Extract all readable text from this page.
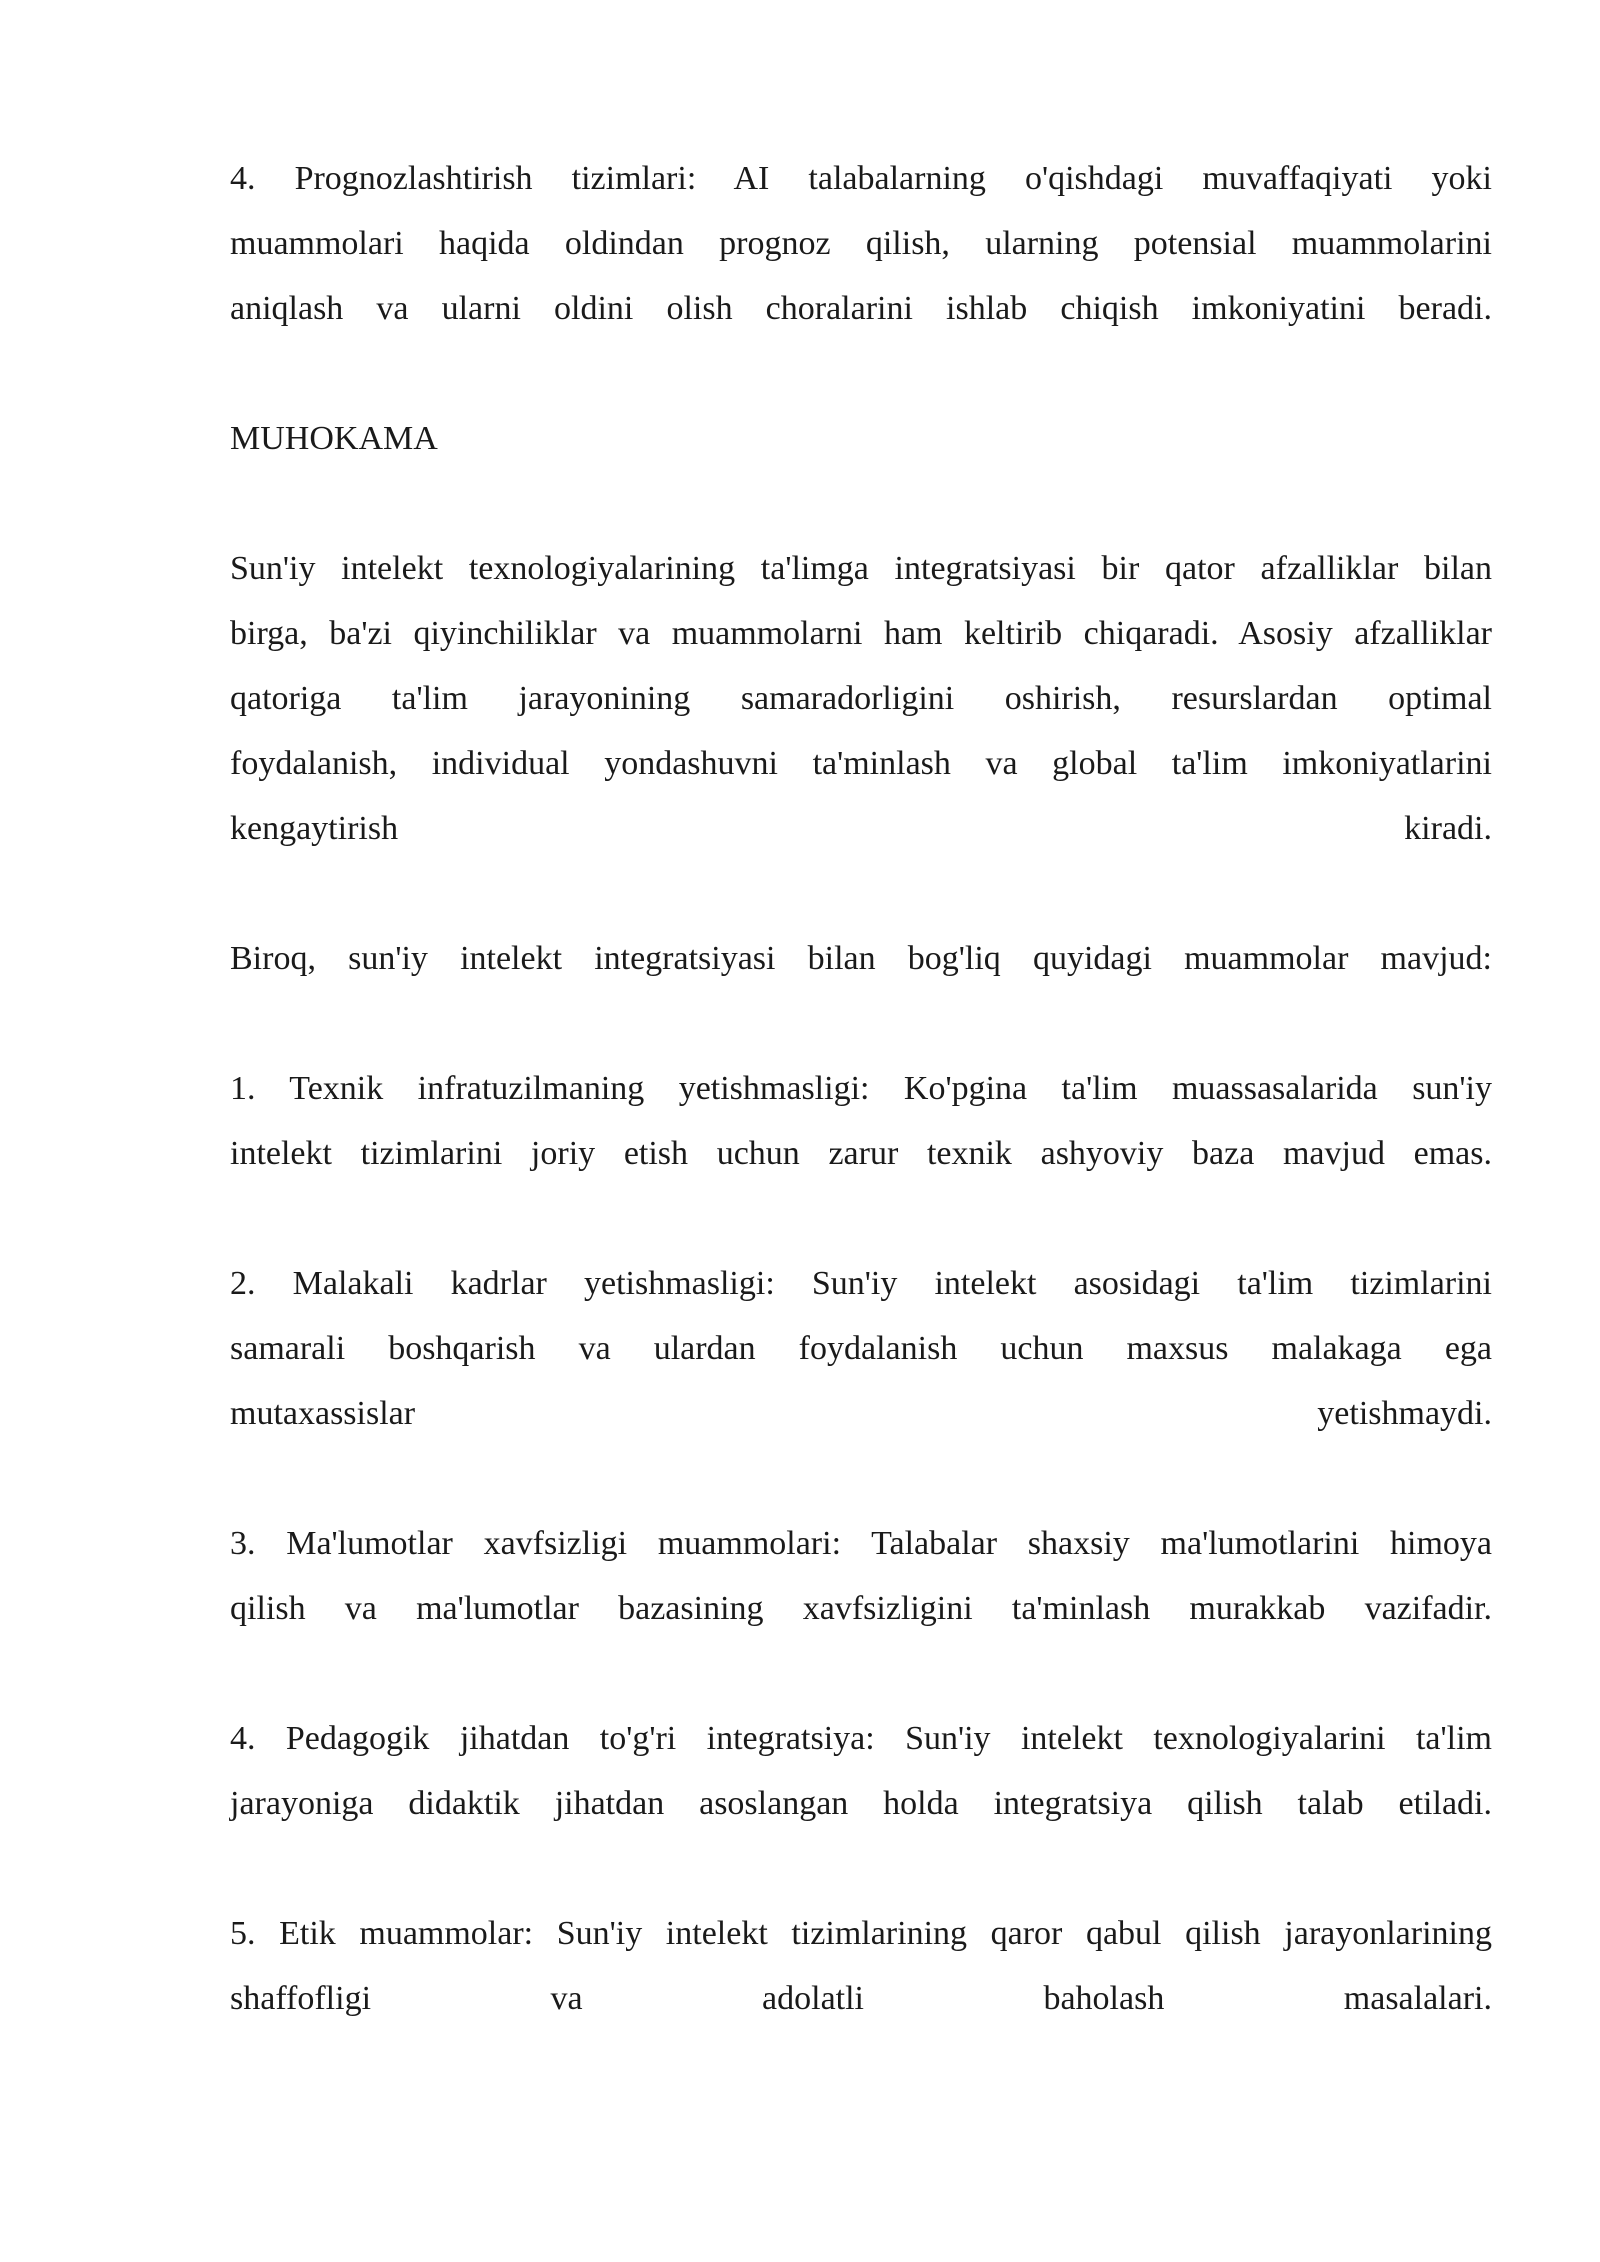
4. Prognozlashtirish tizimlari: AI talabalarning o'qishdagi muvaffaqiyati yoki

muammolari haqida oldindan prognoz qilish, ularning potensial muammolarini

aniqlash va ularni oldini olish choralarini ishlab chiqish imkoniyatini beradi.

MUHOKAMA

Sun'iy intelekt texnologiyalarining ta'limga integratsiyasi bir qator afzalliklar bilan

birga, ba'zi qiyinchiliklar va muammolarni ham keltirib chiqaradi. Asosiy afzalliklar

qatoriga ta'lim jarayonining samaradorligini oshirish, resurslardan optimal

foydalanish, individual yondashuvni ta'minlash va global ta'lim imkoniyatlarini

kengaytirish kiradi.

Biroq, sun'iy intelekt integratsiyasi bilan bog'liq quyidagi muammolar mavjud:

1. Texnik infratuzilmaning yetishmasligi: Ko'pgina ta'lim muassasalarida sun'iy

intelekt tizimlarini joriy etish uchun zarur texnik ashyoviy baza mavjud emas.

2. Malakali kadrlar yetishmasligi: Sun'iy intelekt asosidagi ta'lim tizimlarini

samarali boshqarish va ulardan foydalanish uchun maxsus malakaga ega

mutaxassislar yetishmaydi.

3. Ma'lumotlar xavfsizligi muammolari: Talabalar shaxsiy ma'lumotlarini himoya

qilish va ma'lumotlar bazasining xavfsizligini ta'minlash murakkab vazifadir.

4. Pedagogik jihatdan to'g'ri integratsiya: Sun'iy intelekt texnologiyalarini ta'lim

jarayoniga didaktik jihatdan asoslangan holda integratsiya qilish talab etiladi.

5. Etik muammolar: Sun'iy intelekt tizimlarining qaror qabul qilish jarayonlarining

shaffofligi va adolatli baholash masalalari.
